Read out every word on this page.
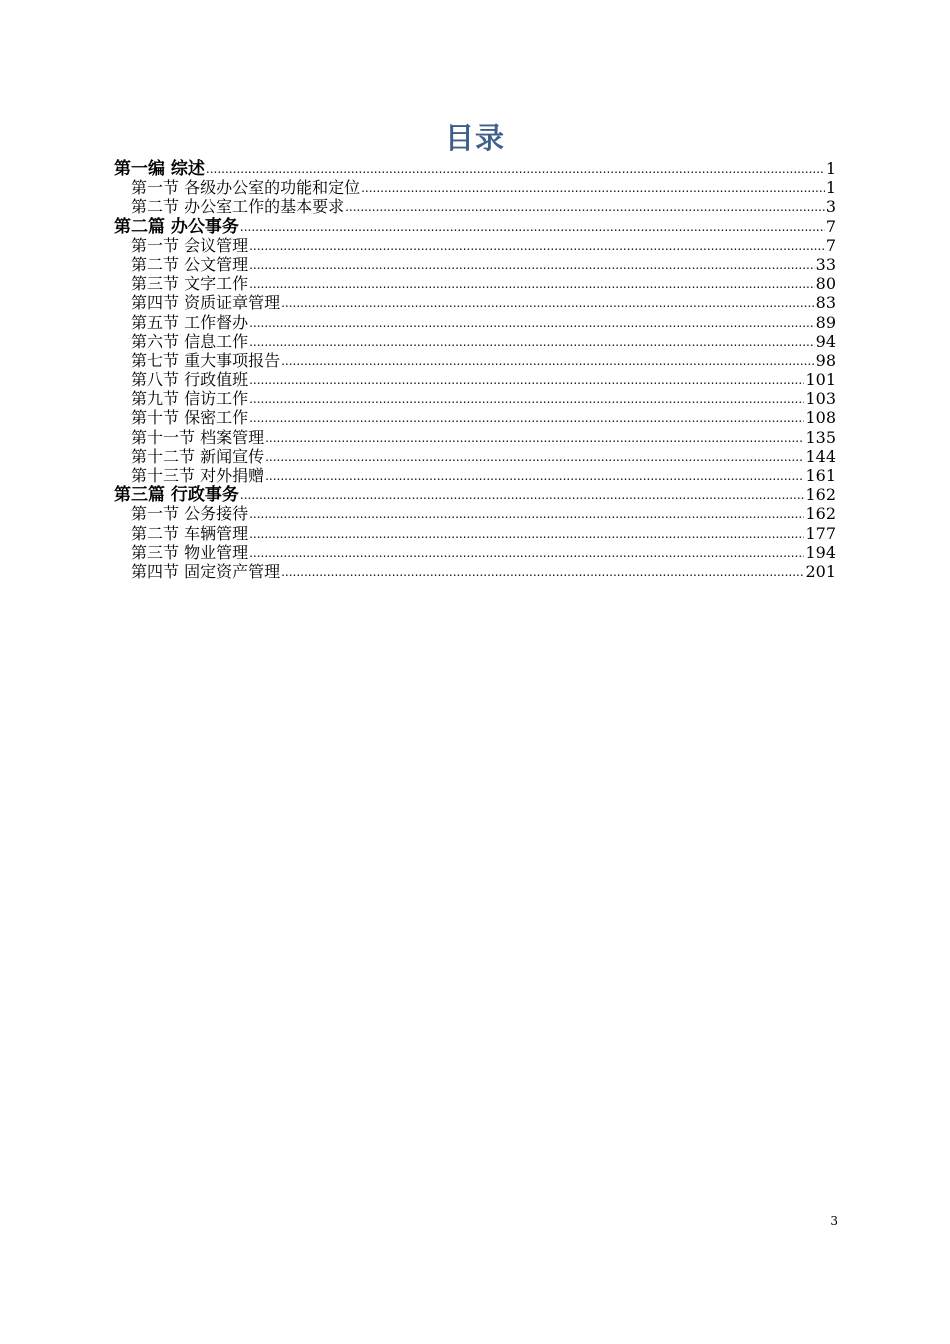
目录
第一编 综述 .....	1
第一节 各级办公室的功能和定位 .....	1
第二节 办公室工作的基本要求 .....	3
第二篇 办公事务 .....	7
第一节 会议管理 .....	7
第二节 公文管理 .....	33
第三节 文字工作 .....	80
第四节 资质证章管理 .....	83
第五节 工作督办 .....	89
第六节 信息工作 .....	94
第七节 重大事项报告 .....	98
第八节 行政值班 .....	101
第九节 信访工作 .....	103
第十节 保密工作 .....	108
第十一节 档案管理 .....	135
第十二节 新闻宣传 .....	144
第十三节 对外捐赠 .....	161
第三篇 行政事务 .....	162
第一节 公务接待 .....	162
第二节 车辆管理 .....	177
第三节 物业管理 .....	194
第四节 固定资产管理 .....	201
3
